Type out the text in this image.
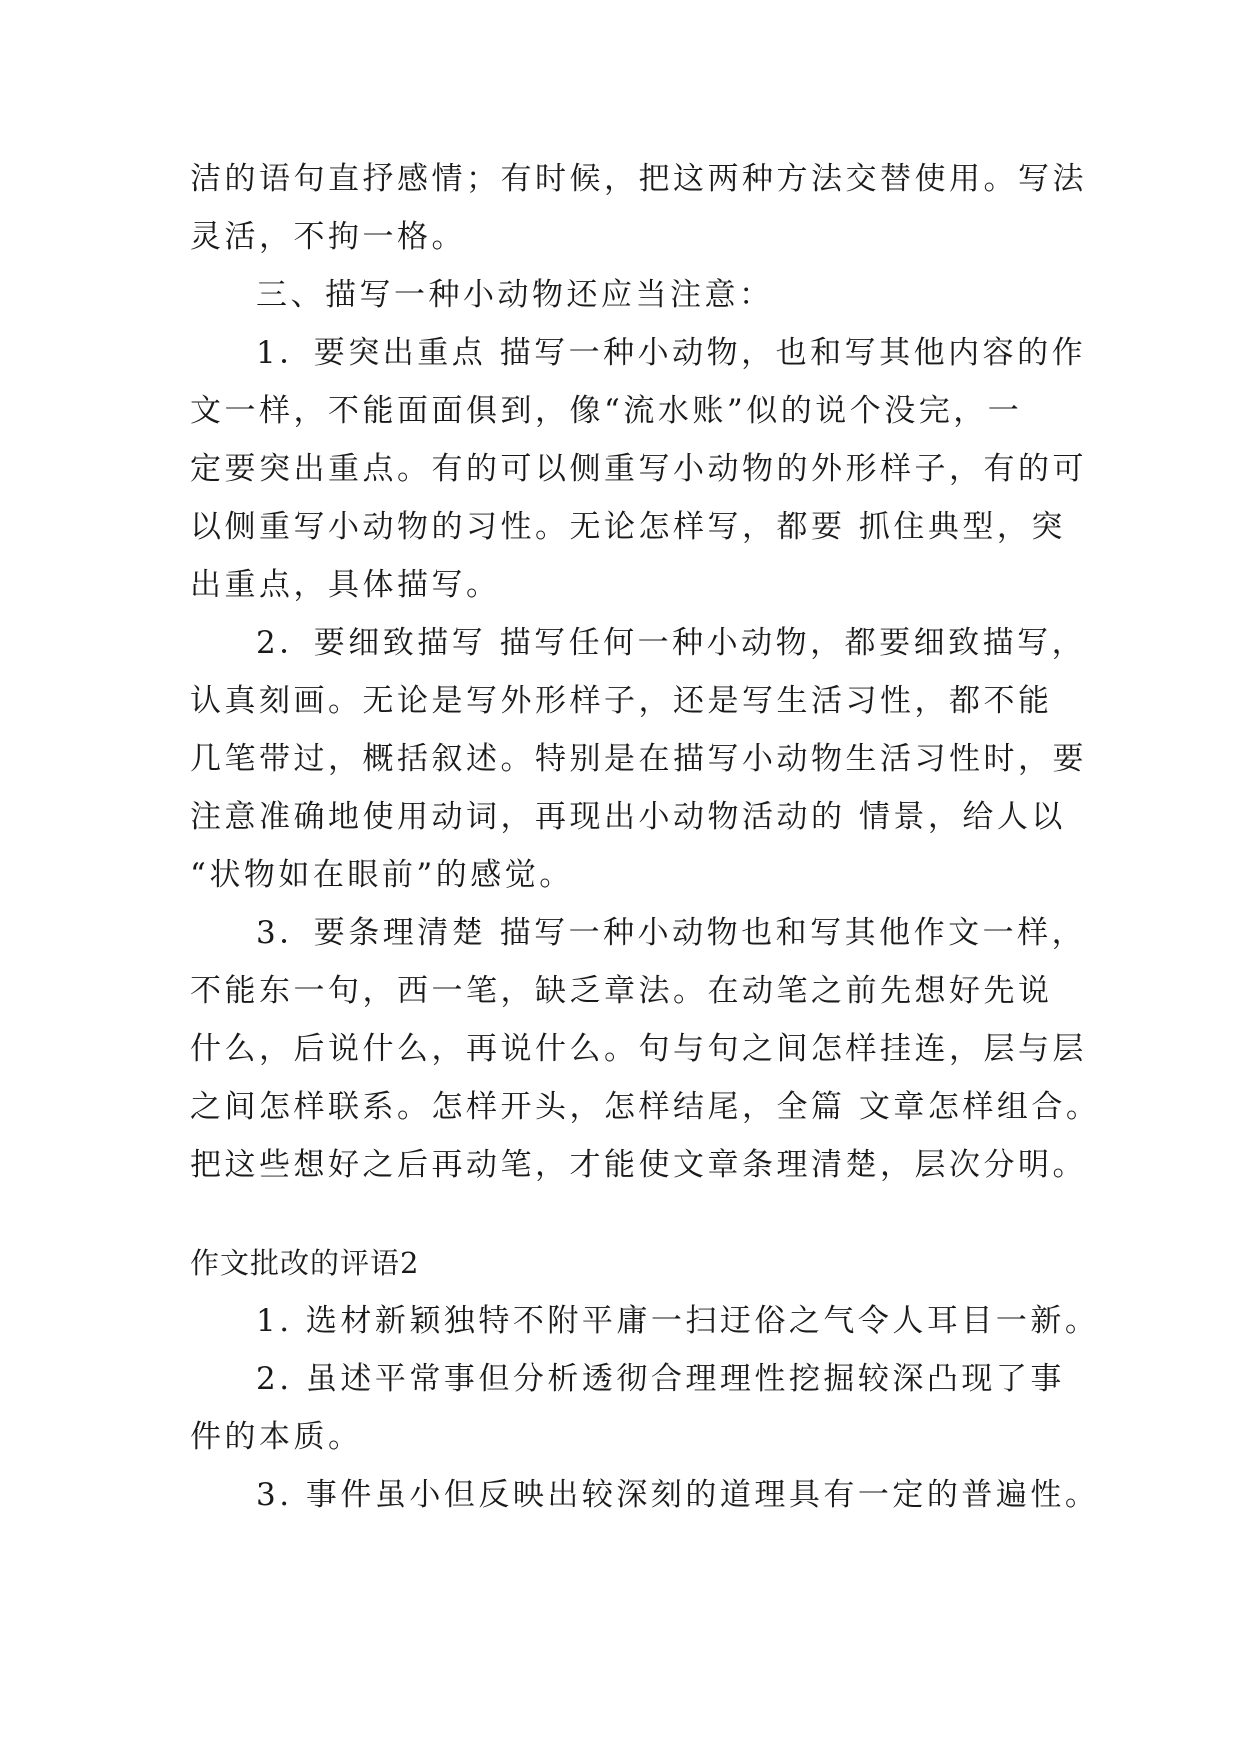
洁的语句直抒感情；有时候，把这两种方法交替使用。写法

灵活，不拘一格。

三、描写一种小动物还应当注意：

1．要突出重点 描写一种小动物，也和写其他内容的作

文一样，不能面面俱到，像“流水账”似的说个没完，一

定要突出重点。有的可以侧重写小动物的外形样子，有的可

以侧重写小动物的习性。无论怎样写，都要 抓住典型，突

出重点，具体描写。

2．要细致描写 描写任何一种小动物，都要细致描写，

认真刻画。无论是写外形样子，还是写生活习性，都不能

几笔带过，概括叙述。特别是在描写小动物生活习性时，要

注意准确地使用动词，再现出小动物活动的 情景，给人以

“状物如在眼前”的感觉。

3．要条理清楚 描写一种小动物也和写其他作文一样，

不能东一句，西一笔，缺乏章法。在动笔之前先想好先说

什么，后说什么，再说什么。句与句之间怎样挂连，层与层

之间怎样联系。怎样开头，怎样结尾，全篇 文章怎样组合。

把这些想好之后再动笔，才能使文章条理清楚，层次分明。

作文批改的评语2

1. 选材新颖独特不附平庸一扫迂俗之气令人耳目一新。

2. 虽述平常事但分析透彻合理理性挖掘较深凸现了事

件的本质。

3. 事件虽小但反映出较深刻的道理具有一定的普遍性。
